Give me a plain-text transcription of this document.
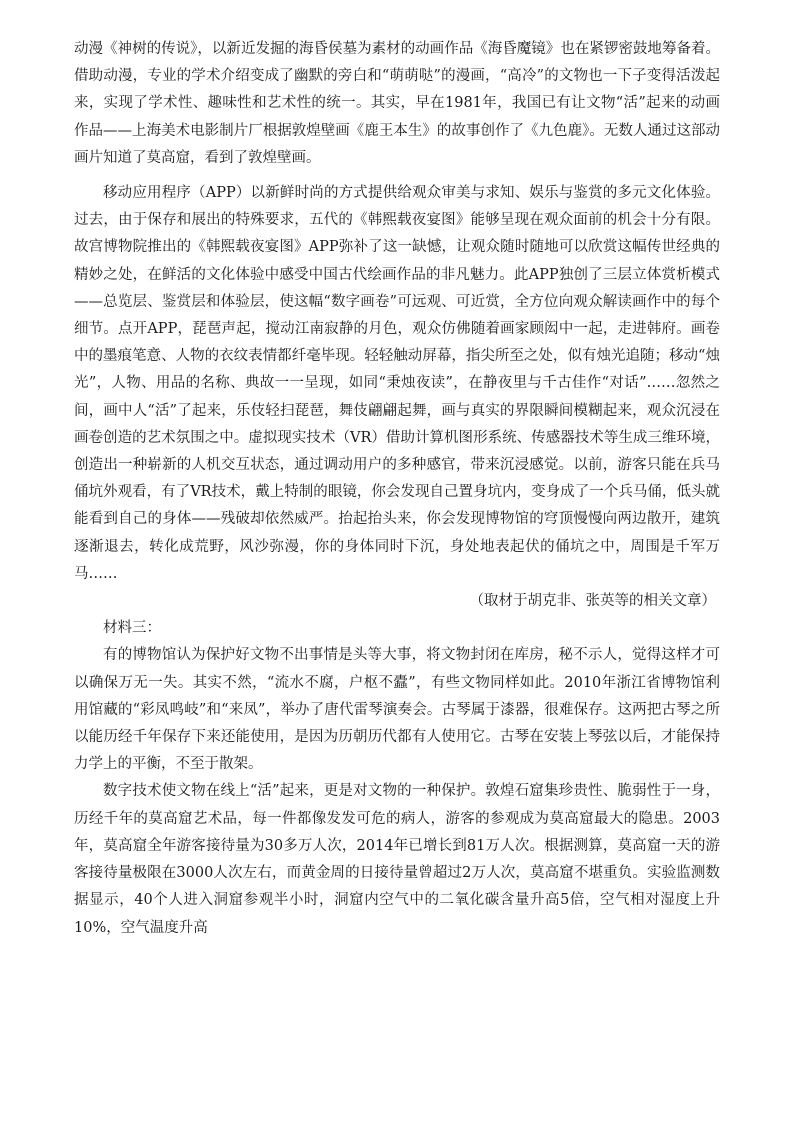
动漫《神树的传说》，以新近发掘的海昏侯墓为素材的动画作品《海昏魔镜》也在紧锣密鼓地筹备着。借助动漫，专业的学术介绍变成了幽默的旁白和“萌萌哒”的漫画，“高冷”的文物也一下子变得活泼起来，实现了学术性、趣味性和艺术性的统一。其实，早在1981年，我国已有让文物“活”起来的动画作品——上海美术电影制片厂根据敦煌壁画《鹿王本生》的故事创作了《九色鹿》。无数人通过这部动画片知道了莫高窟，看到了敦煌壁画。

移动应用程序（APP）以新鲜时尚的方式提供给观众审美与求知、娱乐与鉴赏的多元文化体验。过去，由于保存和展出的特殊要求，五代的《韩熙载夜宴图》能够呈现在观众面前的机会十分有限。故宫博物院推出的《韩熙载夜宴图》APP弥补了这一缺憾，让观众随时随地可以欣赏这幅传世经典的精妙之处，在鲜活的文化体验中感受中国古代绘画作品的非凡魅力。此APP独创了三层立体赏析模式——总览层、鉴赏层和体验层，使这幅“数字画卷”可远观、可近赏，全方位向观众解读画作中的每个细节。点开APP，琵琶声起，搅动江南寂静的月色，观众仿佛随着画家顾闳中一起，走进韩府。画卷中的墨痕笔意、人物的衣纹表情都纤毫毕现。轻轻触动屏幕，指尖所至之处，似有烛光追随；移动“烛光”，人物、用品的名称、典故一一呈现，如同“秉烛夜读”，在静夜里与千古佳作“对话”……忽然之间，画中人“活”了起来，乐伎轻扫琵琶，舞伎翩翩起舞，画与真实的界限瞬间模糊起来，观众沉浸在画卷创造的艺术氛围之中。虚拟现实技术（VR）借助计算机图形系统、传感器技术等生成三维环境，创造出一种崭新的人机交互状态，通过调动用户的多种感官，带来沉浸感觉。以前，游客只能在兵马俑坑外观看，有了VR技术，戴上特制的眼镜，你会发现自己置身坑内，变身成了一个兵马俑，低头就能看到自己的身体——残破却依然威严。抬起抬头来，你会发现博物馆的穹顶慢慢向两边散开，建筑逐渐退去，转化成荒野，风沙弥漫，你的身体同时下沉，身处地表起伏的俑坑之中，周围是千军万马……

（取材于胡克非、张英等的相关文章）

材料三：

有的博物馆认为保护好文物不出事情是头等大事，将文物封闭在库房，秘不示人，觉得这样才可以确保万无一失。其实不然，“流水不腐，户枢不蠹”，有些文物同样如此。2010年浙江省博物馆利用馆藏的“彩凤鸣岐”和“来凤”，举办了唐代雷琴演奏会。古琴属于漆器，很难保存。这两把古琴之所以能历经千年保存下来还能使用，是因为历朝历代都有人使用它。古琴在安装上琴弦以后，才能保持力学上的平衡，不至于散架。

数字技术使文物在线上“活”起来，更是对文物的一种保护。敦煌石窟集珍贵性、脆弱性于一身，历经千年的莫高窟艺术品，每一件都像发发可危的病人，游客的参观成为莫高窟最大的隐患。2003年，莫高窟全年游客接待量为30多万人次，2014年已增长到81万人次。根据测算，莫高窟一天的游客接待量极限在3000人次左右，而黄金周的日接待量曾超过2万人次，莫高窟不堪重负。实验监测数据显示，40个人进入洞窟参观半小时，洞窟内空气中的二氧化碳含量升高5倍，空气相对湿度上升10%，空气温度升高
